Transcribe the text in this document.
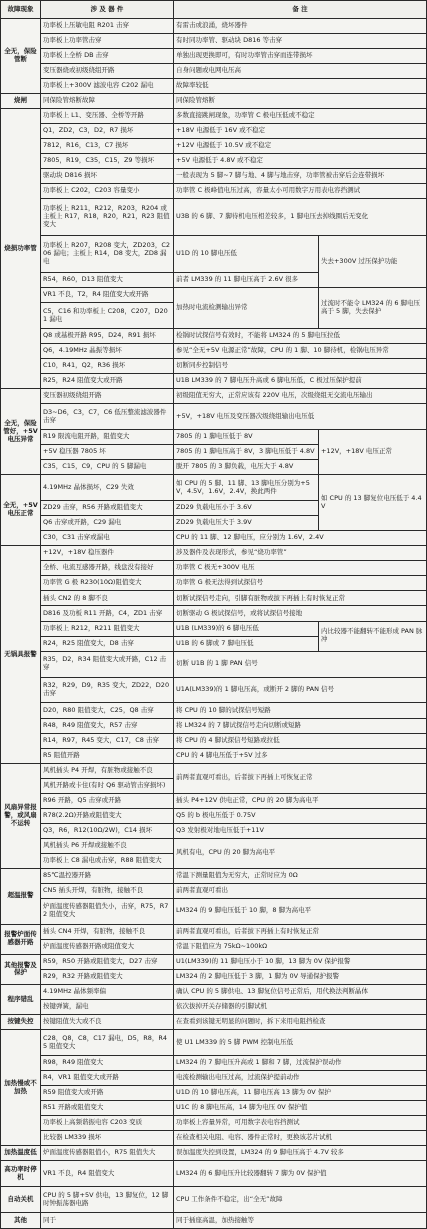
故障现象	涉 及 器 件	备 注	
全无，保险管断	功率板上压敏电阻 R201 击穿	有雷击或浪涌，烧坏器件	
	功率板上功率管击穿	有时同功率管、驱动块 D816 等击穿	
	功率板上全桥 DB 击穿	单独出现更换即可，有时功率管击穿而连带损坏	
	变压器烧或初级绕组开路	自身问题或电网电压高	
	功率板上+300V 滤波电容 C202 漏电	故障率较低	
烧闸	同保险管熔断故障	同保险管熔断	
烧损功率管	功率板上 L1、变压器、全桥等开路	多数直接跳闸现象，功率管 C 极电压低或不稳定	
	Q1，ZD2，C3，D2，R7 损坏	+18V 电源低于 16V 或不稳定	
	7812，R16，C13，C7 损坏	+12V 电源低于 10.5V 或不稳定	
	7805，R19，C35，C15，Z9 等损坏	+5V 电源低于 4.8V 或不稳定	
	驱动块 D816 损坏	一般表现为 5 脚~7 脚与地、4 脚与地击穿，功率管被击穿后会连带损坏	
	功率板上 C202，C203 容量变小	功率管 C 极峰值电压过高，容量太小可用数字万用表电容挡测试	
	功率板上 R211，R212，R203，R204 或主板上 R17，R18，R20，R21，R23 阻值变大	U3B 的 6 脚、7 脚待机电压相差较多，1 脚电压去掉线圈后无变化	
	功率板上 R207，R208 变大，ZD203，C206 漏电；主板上 R14，D8 变大，ZD8 漏电	U1D 的 10 脚电压低	失去+300V 过压保护功能
	R54，R60，D13 阻值变大	前者 LM339 的 11 脚电压高于 2.6V 很多	
	VR1 不良，T2，R4 阻值变大或开路	加热时电流检测输出异常	过流时不能令 LM324 的 6 脚电压高于 5 脚，失去保护
	C5，C16 和功率板上 C208，C207，D201 漏电		
	Q8 或基极开路 R95，D24，R91 损坏	检锅时试探信号有效时，不能将 LM324 的 5 脚电压拉低	
	Q6，4.19MHz 晶振等损坏	参见“全无+5V 电源正常”故障，CPU 的 1 脚、10 脚待机，检锅电压异常	
	C10，R41，Q2，R36 损坏	切断同步控制信号	
	R25，R24 阻值变大或开路	U1B LM339 的 7 脚电压升高或 6 脚电压低，C 极过压保护提前	
全无，保险管好，+5V 电压异常	变压器初级绕组开路	初级阻值无穷大，正常应该有 220V 电压，次级绕组无交流电压输出	
	D3~D6，C3，C7，C6 低压整流滤波器件击穿	+5V，+18V 电压及变压器次级绕组输出电压低	
	R19 限流电阻开路，阻值变大	7805 的 1 脚电压低于 8V	+12V，+18V 电压正常
	+5V 稳压器 7805 坏	7805 的 1 脚电压高于 8V，3 脚电压低于 4.8V	
	C35，C15，C9，CPU 的 5 脚漏电	脱开 7805 的 3 脚负载，电压大于 4.8V	
全无，+5V 电压正常	4.19MHz 晶体损坏，C29 失效	如 CPU 的 5 脚、11 脚、13 脚电压分别为+5V，4.5V，1.6V，2.4V，换此两件	如 CPU 的 13 脚复位电压低于 4.4V
	ZD29 击穿，R56 开路或阻值变大	ZD29 负载电压小于 3.6V	
	Q6 击穿或开路，C29 漏电	ZD29 负载电压大于 3.9V	
	C30，C31 击穿或漏电	CPU 的 11 脚、12 脚电压，应分别为 1.6V，2.4V	
无锅具报警	+12V，+18V 稳压器件	涉及器件及表现形式，参见“烧功率管”	
	全桥、电流互感器开路，线盘没有接好	功率管 C 极无+300V 电压	
	功率管 G 极 R230(10Ω)阻值变大	功率管 G 极无法得到试探信号	
	插头 CN2 的 8 脚不良	切断试探信号走向，引脚有脏物或拔下再插上有时恢复正常	
	D816 及功板 R11 开路，C4，ZD1 击穿	切断驱动 G 极试探信号，或将试探信号接地	
	功率板上 R212，R211 阻值变大	U1B (LM339)的 6 脚电压低	内比较器不能翻转不能形成 PAN 脉冲
	R24，R25 阻值变大，D8 击穿	U1B 的 6 脚或 7 脚电压低	
	R35，D2，R34 阻值变大或开路，C12 击穿	切断 U1B 的 1 脚 PAN 信号	
	R32，R29，D9，R35 变大，ZD22，D20 击穿	U1A(LM339)的 1 脚电压高，或断开 2 脚的 PAN 信号	
	D20，R80 阻值变大，C25，Q8 击穿	将 CPU 的 10 脚的试探信号短路	
	R48，R49 阻值变大，R57 击穿	将 LM324 的 7 脚试探信号走向切断或短路	
	R14，R97，R45 变大，C17，C8 击穿	将 CPU 的 4 脚试探信号短路或拉低	
	R5 阻值开路	CPU 的 4 脚电压低于+5V 过多	
风扇异常报警，或风扇不运转	风机插头 P4 开焊，有脏物或接触不良	前两者直观可看出，后者拔下再插上可恢复正常	
	风机开路或卡住(有时 Q6 驱动管击穿损坏)		
	R96 开路，Q5 击穿或开路	插头 P4+12V 供电正常，CPU 的 20 脚为高电平	
	R78(2.2Ω)开路或阻值变大	Q5 的 b 极电压低于 0.75V	
	Q3，R6，R12(10Ω/2W)，C14 损坏	Q3 发射极对地电压低于+11V	
	风机插头 P6 开焊或接触不良	风机有电，CPU 的 20 脚为高电平	
	功率板上 C8 漏电或击穿，R88 阻值变大		
超温报警	85℃温控器开路	常温下测量阻值为无穷大，正常时应为 0Ω	
	CN5 插头开焊，有脏物，接触不良	前两者直观可看出	
	炉面温度传感器阻值失小，击穿，R75，R72 阻值变大	LM324 的 9 脚电压低于 10 脚，8 脚为高电平	
报警炉面传感器开路	插头 CN4 开焊，有脏物，接触不良	前两者直观可看出，后者拔下再插上有时恢复正常	
	炉面温度传感器开路或阻值变大	常温下阻值应为 75kΩ~100kΩ	
其他报警及保护	R59，R50 开路或阻值变大，D27 击穿	U1(LM339)的 11 脚电压小于 10 脚，13 脚为 0V 保护报警	
	R29，R32 开路或阻值变大	LM324 的 2 脚电压低于 3 脚，1 脚为 0V 导通保护报警	
程序错乱	4.19MHz 晶体频率偏	确认 CPU 的 5 脚供电、13 脚复位信号正常后，用代换法判断晶体	
	按键弹簧，漏电	依次拔掉开关存储器的引脚试机	
按键失控	按键阻值失大或不良	在查看到该键无明显的问题时，拆下来用电阻挡检查	
加热慢或不加热	C28，Q8，C8，C17 漏电，D5，R8，R45 阻值变大	使 U1 LM339 的 5 脚 PWM 控制电压低	
	R98，R49 阻值变大	LM324 的 7 脚电压升高或 1 脚和 7 脚，过流保护误动作	
	R4，VR1 阻值变大或开路	电流检测输出电压过高，过流保护提前动作	
	R59 阻值变大或开路	U1D 的 10 脚电压高，11 脚电压高 13 脚为 0V 保护	
	R51 开路或阻值变大	U1C 的 8 脚电压高，14 脚为电压 0V 保护值	
	功率板上高频谐振电容 C203 变质	功率板上容量异常，可用数字表电容挡测试	
	比较器 LM339 损坏	在检查相关电阻、电容、器件正常时，更换该芯片试机	
加热温度低	炉面温度传感器阻值小，R75 阻值失大	误加温度失控到设置，LM324 的 9 脚电压高于 4.7V 较多	
高功率时停机	VR1 不良，R4 阻值变大	LM324 的 6 脚电压升比较器翻转 7 脚为 0V 保护值	
自动关机	CPU 的 5 脚+5V 供电，13 脚复位，12 脚时钟振荡器电路	CPU 工作条件不稳定，出“全无”故障	
其他	同于	同于插座高温，加热接触等	
